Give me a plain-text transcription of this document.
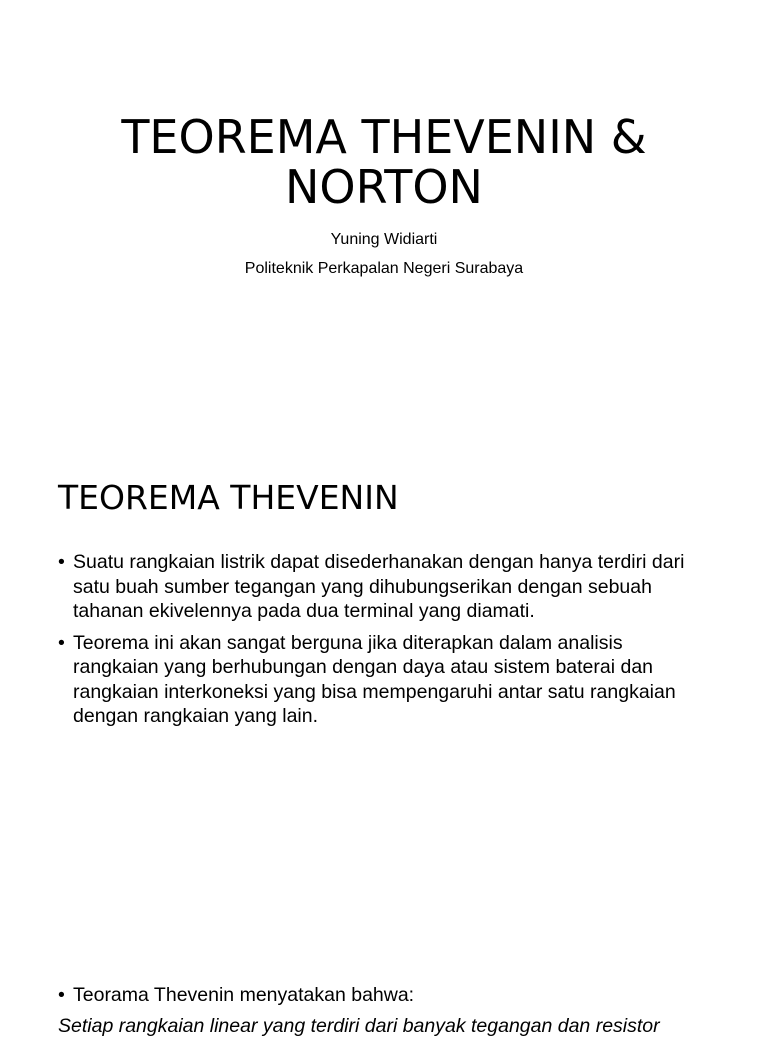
TEOREMA THEVENIN & NORTON

Yuning Widiarti

Politeknik Perkapalan Negeri Surabaya

TEOREMA THEVENIN
• Suatu rangkaian listrik dapat disederhanakan dengan hanya terdiri dari satu buah sumber tegangan yang dihubungserikan dengan sebuah tahanan ekivelennya pada dua terminal yang diamati.
• Teorema ini akan sangat berguna jika diterapkan dalam analisis rangkaian yang berhubungan dengan daya atau sistem baterai dan rangkaian interkoneksi yang bisa mempengaruhi antar satu rangkaian dengan rangkaian yang lain.
• Teorama Thevenin menyatakan bahwa:

Setiap rangkaian linear yang terdiri dari banyak tegangan dan resistor
